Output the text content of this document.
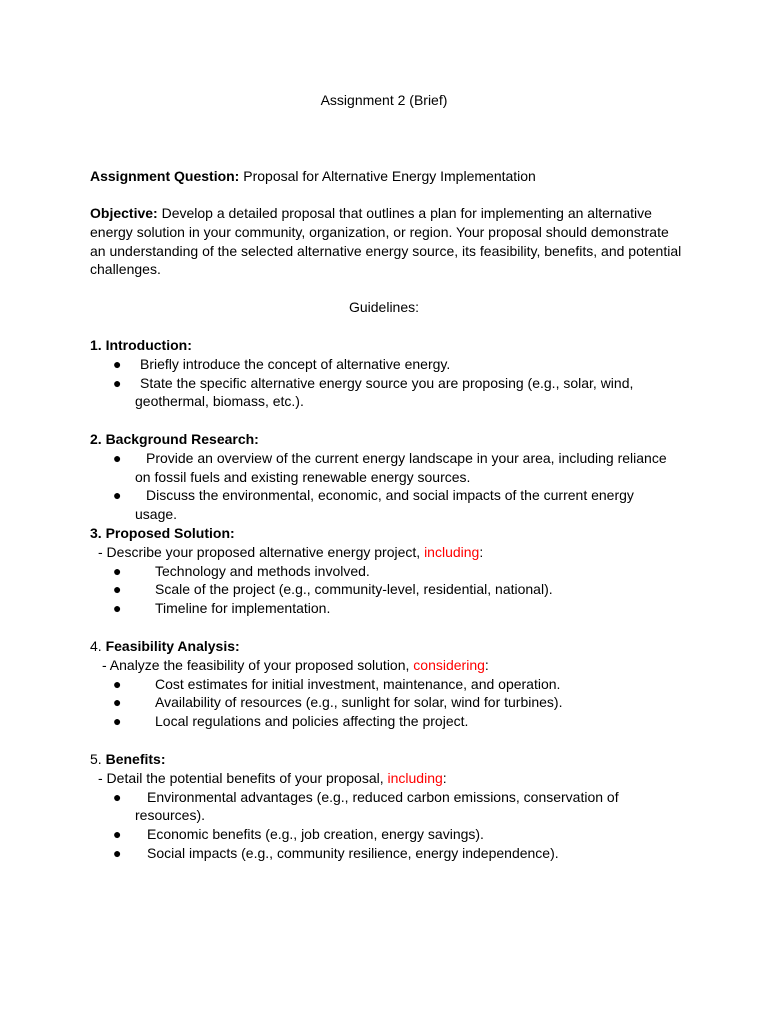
Assignment 2 (Brief)
Assignment Question: Proposal for Alternative Energy Implementation
Objective: Develop a detailed proposal that outlines a plan for implementing an alternative energy solution in your community, organization, or region. Your proposal should demonstrate an understanding of the selected alternative energy source, its feasibility, benefits, and potential challenges.
Guidelines:

1. Introduction:

● Briefly introduce the concept of alternative energy.
● State the specific alternative energy source you are proposing (e.g., solar, wind, geothermal, biomass, etc.).

2. Background Research:

● Provide an overview of the current energy landscape in your area, including reliance on fossil fuels and existing renewable energy sources.
● Discuss the environmental, economic, and social impacts of the current energy usage.

3. Proposed Solution:

- Describe your proposed alternative energy project, including:

● Technology and methods involved.
● Scale of the project (e.g., community-level, residential, national).
● Timeline for implementation.

4. Feasibility Analysis:

- Analyze the feasibility of your proposed solution, considering:

● Cost estimates for initial investment, maintenance, and operation.
● Availability of resources (e.g., sunlight for solar, wind for turbines).
● Local regulations and policies affecting the project.

5. Benefits:

- Detail the potential benefits of your proposal, including:

● Environmental advantages (e.g., reduced carbon emissions, conservation of resources).
● Economic benefits (e.g., job creation, energy savings).
● Social impacts (e.g., community resilience, energy independence).
